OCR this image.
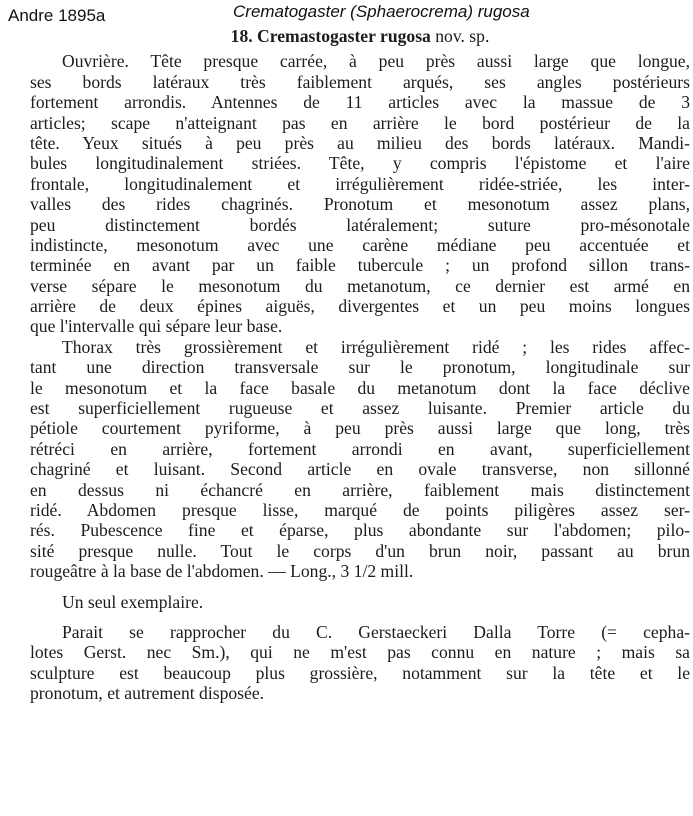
Andre 1895a	Crematogaster (Sphaerocrema) rugosa
18. Cremastogaster rugosa nov. sp.
Ouvrière. Tête presque carrée, à peu près aussi large que longue,
ses bords latéraux très faiblement arqués, ses angles postérieurs
fortement arrondis. Antennes de 11 articles avec la massue de 3
articles; scape n'atteignant pas en arrière le bord postérieur de la
tête. Yeux situés à peu près au milieu des bords latéraux. Mandi-
bules longitudinalement striées. Tête, y compris l'épistome et l'aire
frontale, longitudinalement et irrégulièrement ridée-striée, les inter-
valles des rides chagrinés. Pronotum et mesonotum assez plans,
peu distinctement bordés latéralement; suture pro-mésonotale
indistincte, mesonotum avec une carène médiane peu accentuée et
terminée en avant par un faible tubercule ; un profond sillon trans-
verse sépare le mesonotum du metanotum, ce dernier est armé en
arrière de deux épines aiguës, divergentes et un peu moins longues
que l'intervalle qui sépare leur base.
Thorax très grossièrement et irrégulièrement ridé ; les rides affec-
tant une direction transversale sur le pronotum, longitudinale sur
le mesonotum et la face basale du metanotum dont la face déclive
est superficiellement rugueuse et assez luisante. Premier article du
pétiole courtement pyriforme, à peu près aussi large que long, très
rétréci en arrière, fortement arrondi en avant, superficiellement
chagriné et luisant. Second article en ovale transverse, non sillonné
en dessus ni échancré en arrière, faiblement mais distinctement
ridé. Abdomen presque lisse, marqué de points piligères assez ser-
rés. Pubescence fine et éparse, plus abondante sur l'abdomen; pilo-
sité presque nulle. Tout le corps d'un brun noir, passant au brun
rougeâtre à la base de l'abdomen. — Long., 3 1/2 mill.
Un seul exemplaire.
Parait se rapprocher du C. Gerstaeckeri Dalla Torre (= cepha-
lotes Gerst. nec Sm.), qui ne m'est pas connu en nature ; mais sa
sculpture est beaucoup plus grossière, notamment sur la tête et le
pronotum, et autrement disposée.
